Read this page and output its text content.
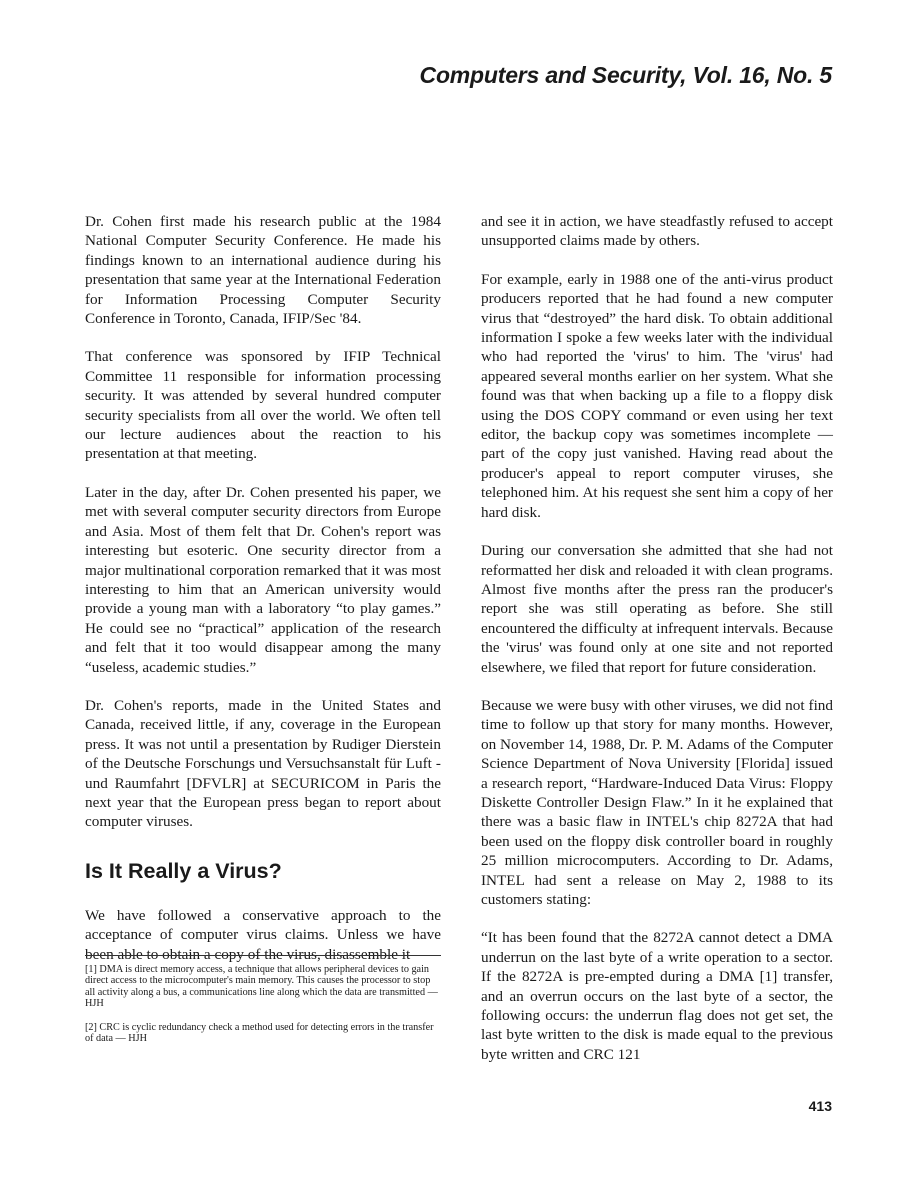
Computers and Security, Vol. 16, No. 5

Dr. Cohen first made his research public at the 1984 National Computer Security Conference. He made his findings known to an international audience during his presentation that same year at the International Federation for Information Processing Computer Security Conference in Toronto, Canada, IFIP/Sec '84.

That conference was sponsored by IFIP Technical Committee 11 responsible for information processing security. It was attended by several hundred computer security specialists from all over the world. We often tell our lecture audiences about the reaction to his presentation at that meeting.

Later in the day, after Dr. Cohen presented his paper, we met with several computer security directors from Europe and Asia. Most of them felt that Dr. Cohen's report was interesting but esoteric. One security director from a major multinational corporation remarked that it was most interesting to him that an American university would provide a young man with a laboratory “to play games.” He could see no “practical” application of the research and felt that it too would disappear among the many “useless, academic studies.”

Dr. Cohen's reports, made in the United States and Canada, received little, if any, coverage in the European press. It was not until a presentation by Rudiger Dierstein of the Deutsche Forschungs und Versuchsanstalt für Luft - und Raumfahrt [DFVLR] at SECURICOM in Paris the next year that the European press began to report about computer viruses.

Is It Really a Virus?

We have followed a conservative approach to the acceptance of computer virus claims. Unless we have been able to obtain a copy of the virus, disassemble it

[1] DMA is direct memory access, a technique that allows peripheral devices to gain direct access to the microcomputer's main memory. This causes the processor to stop all activity along a bus, a communications line along which the data are transmitted — HJH

[2] CRC is cyclic redundancy check a method used for detecting errors in the transfer of data — HJH

and see it in action, we have steadfastly refused to accept unsupported claims made by others.

For example, early in 1988 one of the anti-virus product producers reported that he had found a new computer virus that “destroyed” the hard disk. To obtain additional information I spoke a few weeks later with the individual who had reported the 'virus' to him. The 'virus' had appeared several months earlier on her system. What she found was that when backing up a file to a floppy disk using the DOS COPY command or even using her text editor, the backup copy was sometimes incomplete — part of the copy just vanished. Having read about the producer's appeal to report computer viruses, she telephoned him. At his request she sent him a copy of her hard disk.

During our conversation she admitted that she had not reformatted her disk and reloaded it with clean programs. Almost five months after the press ran the producer's report she was still operating as before. She still encountered the difficulty at infrequent intervals. Because the 'virus' was found only at one site and not reported elsewhere, we filed that report for future consideration.

Because we were busy with other viruses, we did not find time to follow up that story for many months. However, on November 14, 1988, Dr. P. M. Adams of the Computer Science Department of Nova University [Florida] issued a research report, “Hardware-Induced Data Virus: Floppy Diskette Controller Design Flaw.” In it he explained that there was a basic flaw in INTEL's chip 8272A that had been used on the floppy disk controller board in roughly 25 million microcomputers. According to Dr. Adams, INTEL had sent a release on May 2, 1988 to its customers stating:

“It has been found that the 8272A cannot detect a DMA underrun on the last byte of a write operation to a sector. If the 8272A is pre-empted during a DMA [1] transfer, and an overrun occurs on the last byte of a sector, the following occurs: the underrun flag does not get set, the last byte written to the disk is made equal to the previous byte written and CRC 121

413
